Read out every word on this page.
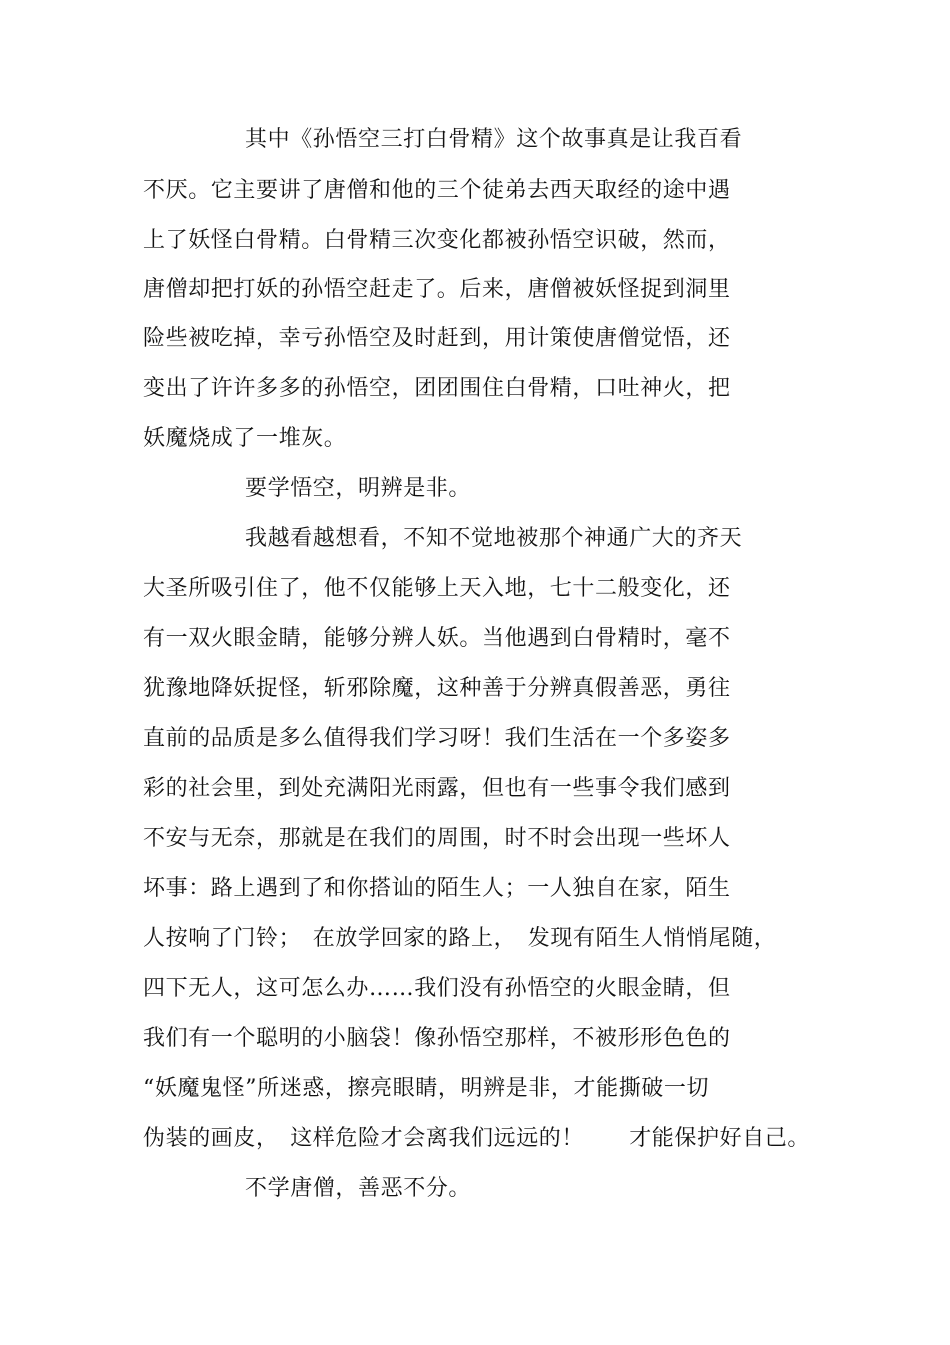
其中《孙悟空三打白骨精》这个故事真是让我百看
不厌。它主要讲了唐僧和他的三个徒弟去西天取经的途中遇
上了妖怪白骨精。白骨精三次变化都被孙悟空识破，然而，
唐僧却把打妖的孙悟空赶走了。后来，唐僧被妖怪捉到洞里
险些被吃掉，幸亏孙悟空及时赶到，用计策使唐僧觉悟，还
变出了许许多多的孙悟空，团团围住白骨精，口吐神火，把
妖魔烧成了一堆灰。
要学悟空，明辨是非。
我越看越想看，不知不觉地被那个神通广大的齐天
大圣所吸引住了，他不仅能够上天入地，七十二般变化，还
有一双火眼金睛，能够分辨人妖。当他遇到白骨精时，毫不
犹豫地降妖捉怪，斩邪除魔，这种善于分辨真假善恶，勇往
直前的品质是多么值得我们学习呀！我们生活在一个多姿多
彩的社会里，到处充满阳光雨露，但也有一些事令我们感到
不安与无奈，那就是在我们的周围，时不时会出现一些坏人
坏事：路上遇到了和你搭讪的陌生人；一人独自在家，陌生
人按响了门铃；　在放学回家的路上，　发现有陌生人悄悄尾随，
四下无人，这可怎么办……我们没有孙悟空的火眼金睛，但
我们有一个聪明的小脑袋！像孙悟空那样，不被形形色色的
“妖魔鬼怪”所迷惑，擦亮眼睛，明辨是非，才能撕破一切
伪装的画皮，　这样危险才会离我们远远的！　　才能保护好自己。
不学唐僧，善恶不分。
